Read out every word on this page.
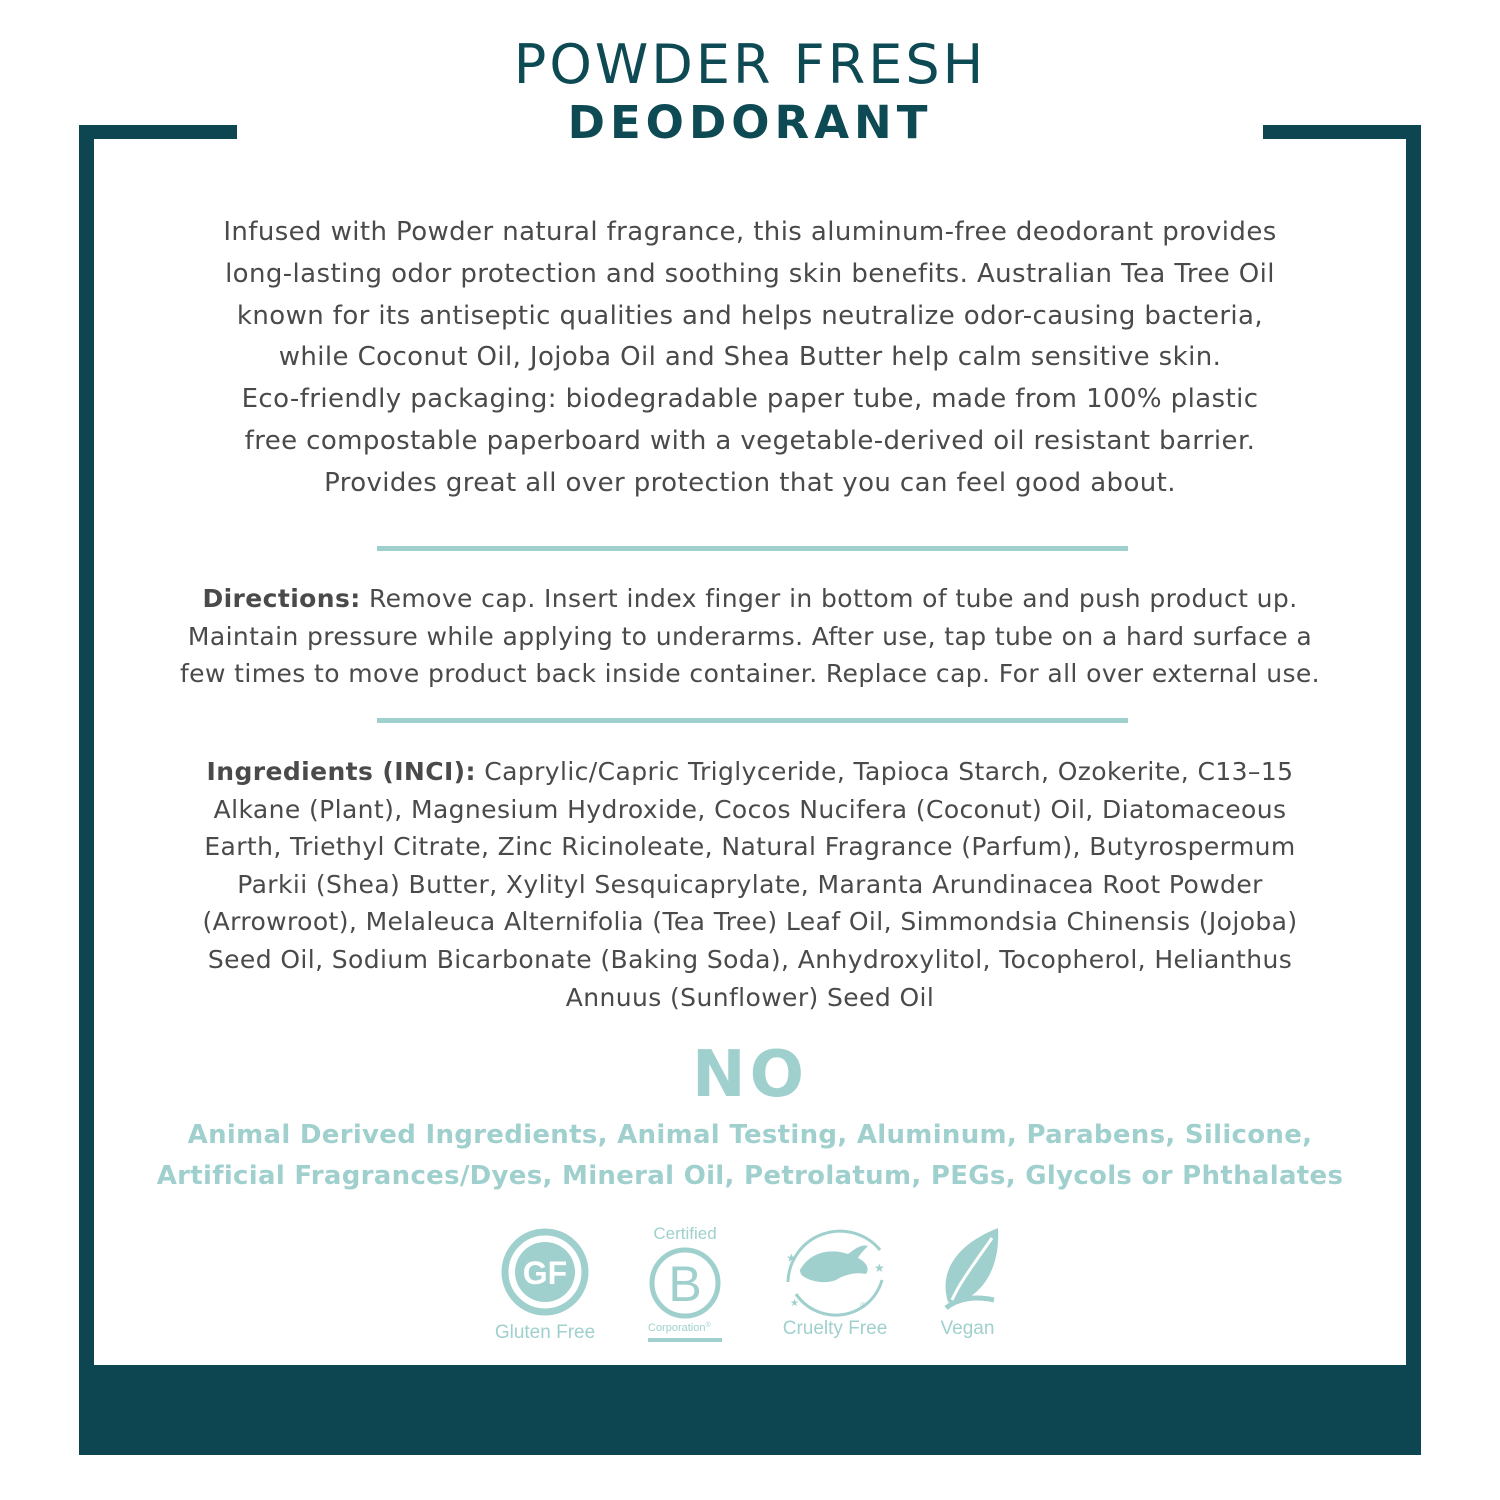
POWDER FRESH
DEODORANT
Infused with Powder natural fragrance, this aluminum-free deodorant provides
long-lasting odor protection and soothing skin benefits. Australian Tea Tree Oil
known for its antiseptic qualities and helps neutralize odor-causing bacteria,
while Coconut Oil, Jojoba Oil and Shea Butter help calm sensitive skin.
Eco-friendly packaging: biodegradable paper tube, made from 100% plastic
free compostable paperboard with a vegetable-derived oil resistant barrier.
Provides great all over protection that you can feel good about.
Directions: Remove cap. Insert index finger in bottom of tube and push product up.
Maintain pressure while applying to underarms. After use, tap tube on a hard surface a
few times to move product back inside container. Replace cap. For all over external use.
Ingredients (INCI): Caprylic/Capric Triglyceride, Tapioca Starch, Ozokerite, C13–15
Alkane (Plant), Magnesium Hydroxide, Cocos Nucifera (Coconut) Oil, Diatomaceous
Earth, Triethyl Citrate, Zinc Ricinoleate, Natural Fragrance (Parfum), Butyrospermum
Parkii (Shea) Butter, Xylityl Sesquicaprylate, Maranta Arundinacea Root Powder
(Arrowroot), Melaleuca Alternifolia (Tea Tree) Leaf Oil, Simmondsia Chinensis (Jojoba)
Seed Oil, Sodium Bicarbonate (Baking Soda), Anhydroxylitol, Tocopherol, Helianthus
Annuus (Sunflower) Seed Oil
NO
Animal Derived Ingredients, Animal Testing, Aluminum, Parabens, Silicone,
Artificial Fragrances/Dyes, Mineral Oil, Petrolatum, PEGs, Glycols or Phthalates
GF
Gluten Free
Certified
B
Corporation®
★
★
★	®
Cruelty Free	Vegan
